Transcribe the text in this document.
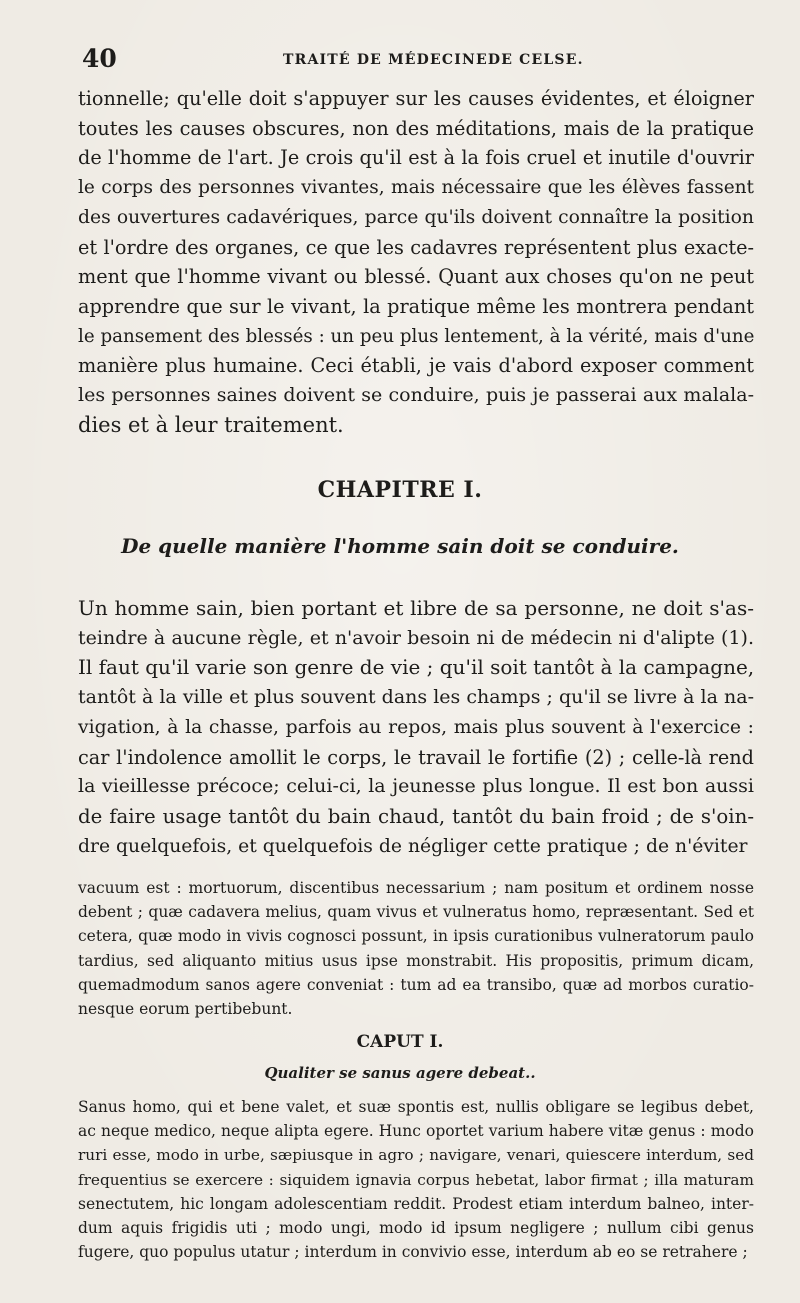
40	TRAITÉ DE MÉDECINEDE CELSE.
tionnelle; qu'elle doit s'appuyer sur les causes évidentes, et éloigner
toutes les causes obscures, non des méditations, mais de la pratique
de l'homme de l'art. Je crois qu'il est à la fois cruel et inutile d'ouvrir
le corps des personnes vivantes, mais nécessaire que les élèves fassent
des ouvertures cadavériques, parce qu'ils doivent connaître la position
et l'ordre des organes, ce que les cadavres représentent plus exacte-
ment que l'homme vivant ou blessé. Quant aux choses qu'on ne peut
apprendre que sur le vivant, la pratique même les montrera pendant
le pansement des blessés : un peu plus lentement, à la vérité, mais d'une
manière plus humaine. Ceci établi, je vais d'abord exposer comment
les personnes saines doivent se conduire, puis je passerai aux malala-
dies et à leur traitement.
CHAPITRE I.
De quelle manière l'homme sain doit se conduire.
Un homme sain, bien portant et libre de sa personne, ne doit s'as-
teindre à aucune règle, et n'avoir besoin ni de médecin ni d'alipte (1).
Il faut qu'il varie son genre de vie ; qu'il soit tantôt à la campagne,
tantôt à la ville et plus souvent dans les champs ; qu'il se livre à la na-
vigation, à la chasse, parfois au repos, mais plus souvent à l'exercice :
car l'indolence amollit le corps, le travail le fortifie (2) ; celle-là rend
la vieillesse précoce; celui-ci, la jeunesse plus longue. Il est bon aussi
de faire usage tantôt du bain chaud, tantôt du bain froid ; de s'oin-
dre quelquefois, et quelquefois de négliger cette pratique ; de n'éviter
vacuum est : mortuorum, discentibus necessarium ; nam positum et ordinem nosse
debent ; quæ cadavera melius, quam vivus et vulneratus homo, repræsentant. Sed et
cetera, quæ modo in vivis cognosci possunt, in ipsis curationibus vulneratorum paulo
tardius, sed aliquanto mitius usus ipse monstrabit. His propositis, primum dicam,
quemadmodum sanos agere conveniat : tum ad ea transibo, quæ ad morbos curatio-
nesque eorum pertibebunt.
CAPUT I.
Qualiter se sanus agere debeat..
Sanus homo, qui et bene valet, et suæ spontis est, nullis obligare se legibus debet,
ac neque medico, neque alipta egere. Hunc oportet varium habere vitæ genus : modo
ruri esse, modo in urbe, sæpiusque in agro ; navigare, venari, quiescere interdum, sed
frequentius se exercere : siquidem ignavia corpus hebetat, labor firmat ; illa maturam
senectutem, hic longam adolescentiam reddit. Prodest etiam interdum balneo, inter-
dum aquis frigidis uti ; modo ungi, modo id ipsum negligere ; nullum cibi genus
fugere, quo populus utatur ; interdum in convivio esse, interdum ab eo se retrahere ;
